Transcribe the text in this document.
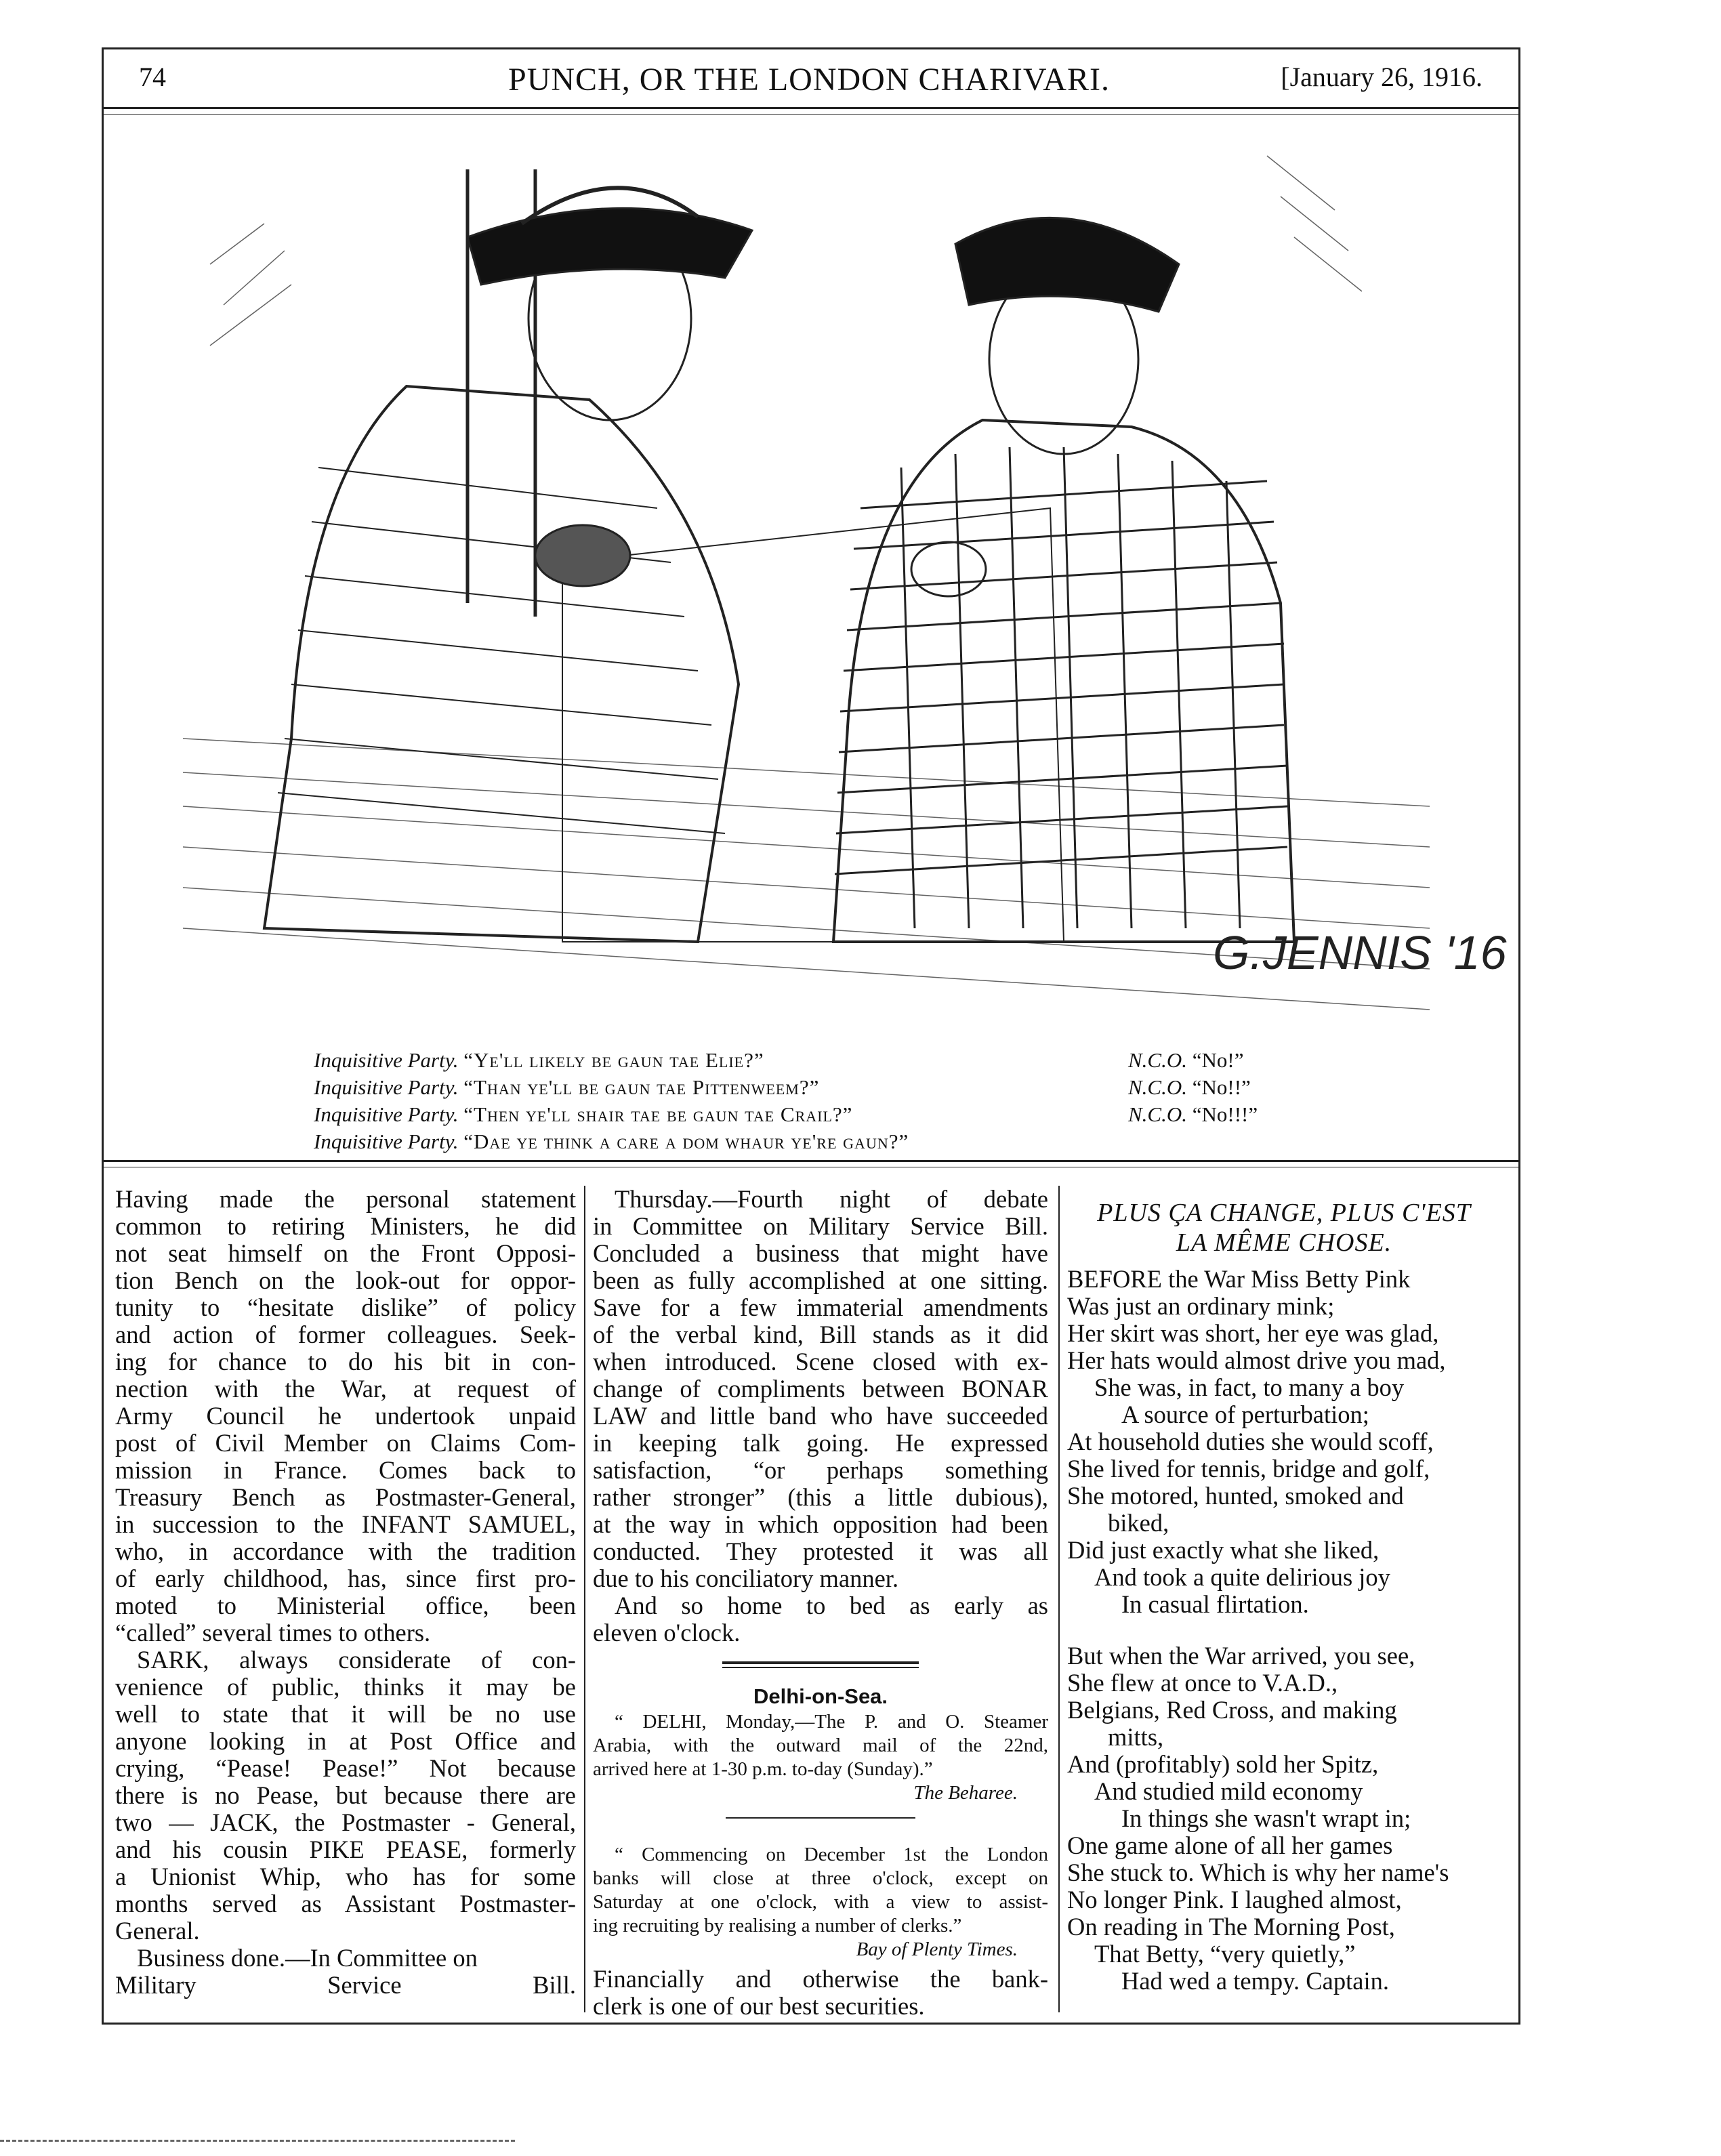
74	PUNCH, OR THE LONDON CHARIVARI.	[January 26, 1916.
G.JENNIS '16
Inquisitive Party. “Ye'll likely be gaun tae Elie?”
Inquisitive Party. “Than ye'll be gaun tae Pittenweem?”
Inquisitive Party. “Then ye'll shair tae be gaun tae Crail?”
Inquisitive Party. “Dae ye think a care a dom whaur ye're gaun?”
N.C.O. “No!”
N.C.O. “No!!”
N.C.O. “No!!!”
Having made the personal statement
common to retiring Ministers, he did
not seat himself on the Front Opposi-
tion Bench on the look-out for oppor-
tunity to “hesitate dislike” of policy
and action of former colleagues. Seek-
ing for chance to do his bit in con-
nection with the War, at request of
Army Council he undertook unpaid
post of Civil Member on Claims Com-
mission in France. Comes back to
Treasury Bench as Postmaster-General,
in succession to the INFANT SAMUEL,
who, in accordance with the tradition
of early childhood, has, since first pro-
moted to Ministerial office, been
“called” several times to others.
SARK, always considerate of con-
venience of public, thinks it may be
well to state that it will be no use
anyone looking in at Post Office and
crying, “Pease! Pease!” Not because
there is no Pease, but because there are
two — JACK, the Postmaster - General,
and his cousin PIKE PEASE, formerly
a Unionist Whip, who has for some
months served as Assistant Postmaster-
General.
Business done.—In Committee on
Military Service Bill.
Thursday.—Fourth night of debate
in Committee on Military Service Bill.
Concluded a business that might have
been as fully accomplished at one sitting.
Save for a few immaterial amendments
of the verbal kind, Bill stands as it did
when introduced. Scene closed with ex-
change of compliments between BONAR
LAW and little band who have succeeded
in keeping talk going. He expressed
satisfaction, “or perhaps something
rather stronger” (this a little dubious),
at the way in which opposition had been
conducted. They protested it was all
due to his conciliatory manner.
And so home to bed as early as
eleven o'clock.
Delhi-on-Sea.
“ DELHI, Monday,—The P. and O. Steamer
Arabia, with the outward mail of the 22nd,
arrived here at 1-30 p.m. to-day (Sunday).”
The Beharee.
“ Commencing on December 1st the London
banks will close at three o'clock, except on
Saturday at one o'clock, with a view to assist-
ing recruiting by realising a number of clerks.”
Bay of Plenty Times.
Financially and otherwise the bank-
clerk is one of our best securities.
PLUS ÇA CHANGE, PLUS C'EST
LA MÊME CHOSE.
BEFORE the War Miss Betty Pink
Was just an ordinary mink;
Her skirt was short, her eye was glad,
Her hats would almost drive you mad,
She was, in fact, to many a boy
A source of perturbation;
At household duties she would scoff,
She lived for tennis, bridge and golf,
She motored, hunted, smoked and
biked,
Did just exactly what she liked,
And took a quite delirious joy
In casual flirtation.
But when the War arrived, you see,
She flew at once to V.A.D.,
Belgians, Red Cross, and making
mitts,
And (profitably) sold her Spitz,
And studied mild economy
In things she wasn't wrapt in;
One game alone of all her games
She stuck to. Which is why her name's
No longer Pink. I laughed almost,
On reading in The Morning Post,
That Betty, “very quietly,”
Had wed a tempy. Captain.
